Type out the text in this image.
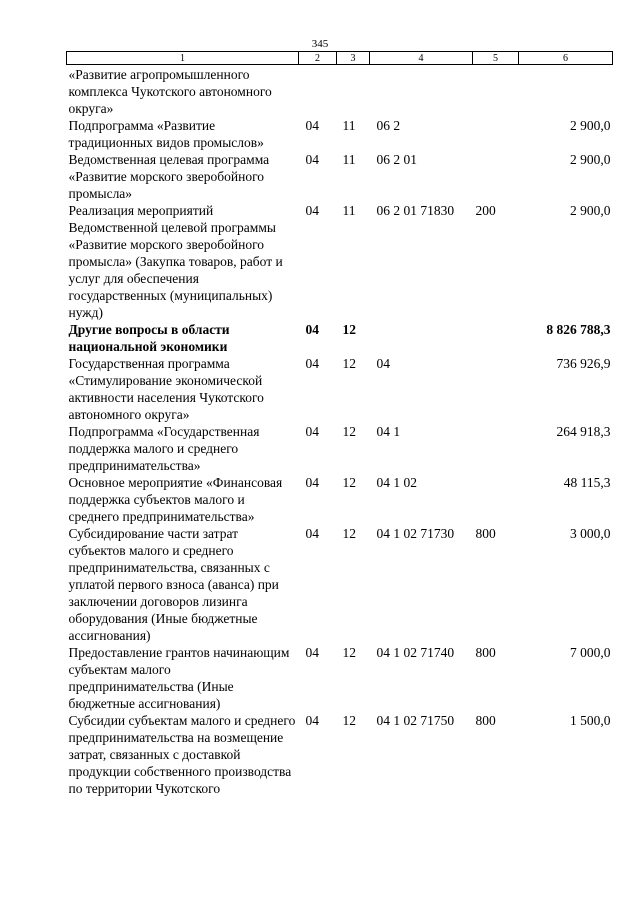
345
1	2	3	4	5	6
«Развитие агропромышленного комплекса Чукотского автономного округа»					
Подпрограмма «Развитие традиционных видов промыслов»	04	11	06 2		2 900,0
Ведомственная целевая программа «Развитие морского зверобойного промысла»	04	11	06 2 01		2 900,0
Реализация мероприятий Ведомственной целевой программы «Развитие морского зверобойного промысла» (Закупка товаров, работ и услуг для обеспечения государственных (муниципальных) нужд)	04	11	06 2 01 71830	200	2 900,0
Другие вопросы в области национальной экономики	04	12			8 826 788,3
Государственная программа «Стимулирование экономической активности населения Чукотского автономного округа»	04	12	04		736 926,9
Подпрограмма «Государственная поддержка малого и среднего предпринимательства»	04	12	04 1		264 918,3
Основное мероприятие «Финансовая поддержка субъектов малого и среднего предпринимательства»	04	12	04 1 02		48 115,3
Субсидирование части затрат субъектов малого и среднего предпринимательства, связанных с уплатой первого взноса (аванса) при заключении договоров лизинга оборудования (Иные бюджетные ассигнования)	04	12	04 1 02 71730	800	3 000,0
Предоставление грантов начинающим субъектам малого предпринимательства (Иные бюджетные ассигнования)	04	12	04 1 02 71740	800	7 000,0
Субсидии субъектам малого и среднего предпринимательства на возмещение затрат, связанных с доставкой продукции собственного производства по территории Чукотского	04	12	04 1 02 71750	800	1 500,0
